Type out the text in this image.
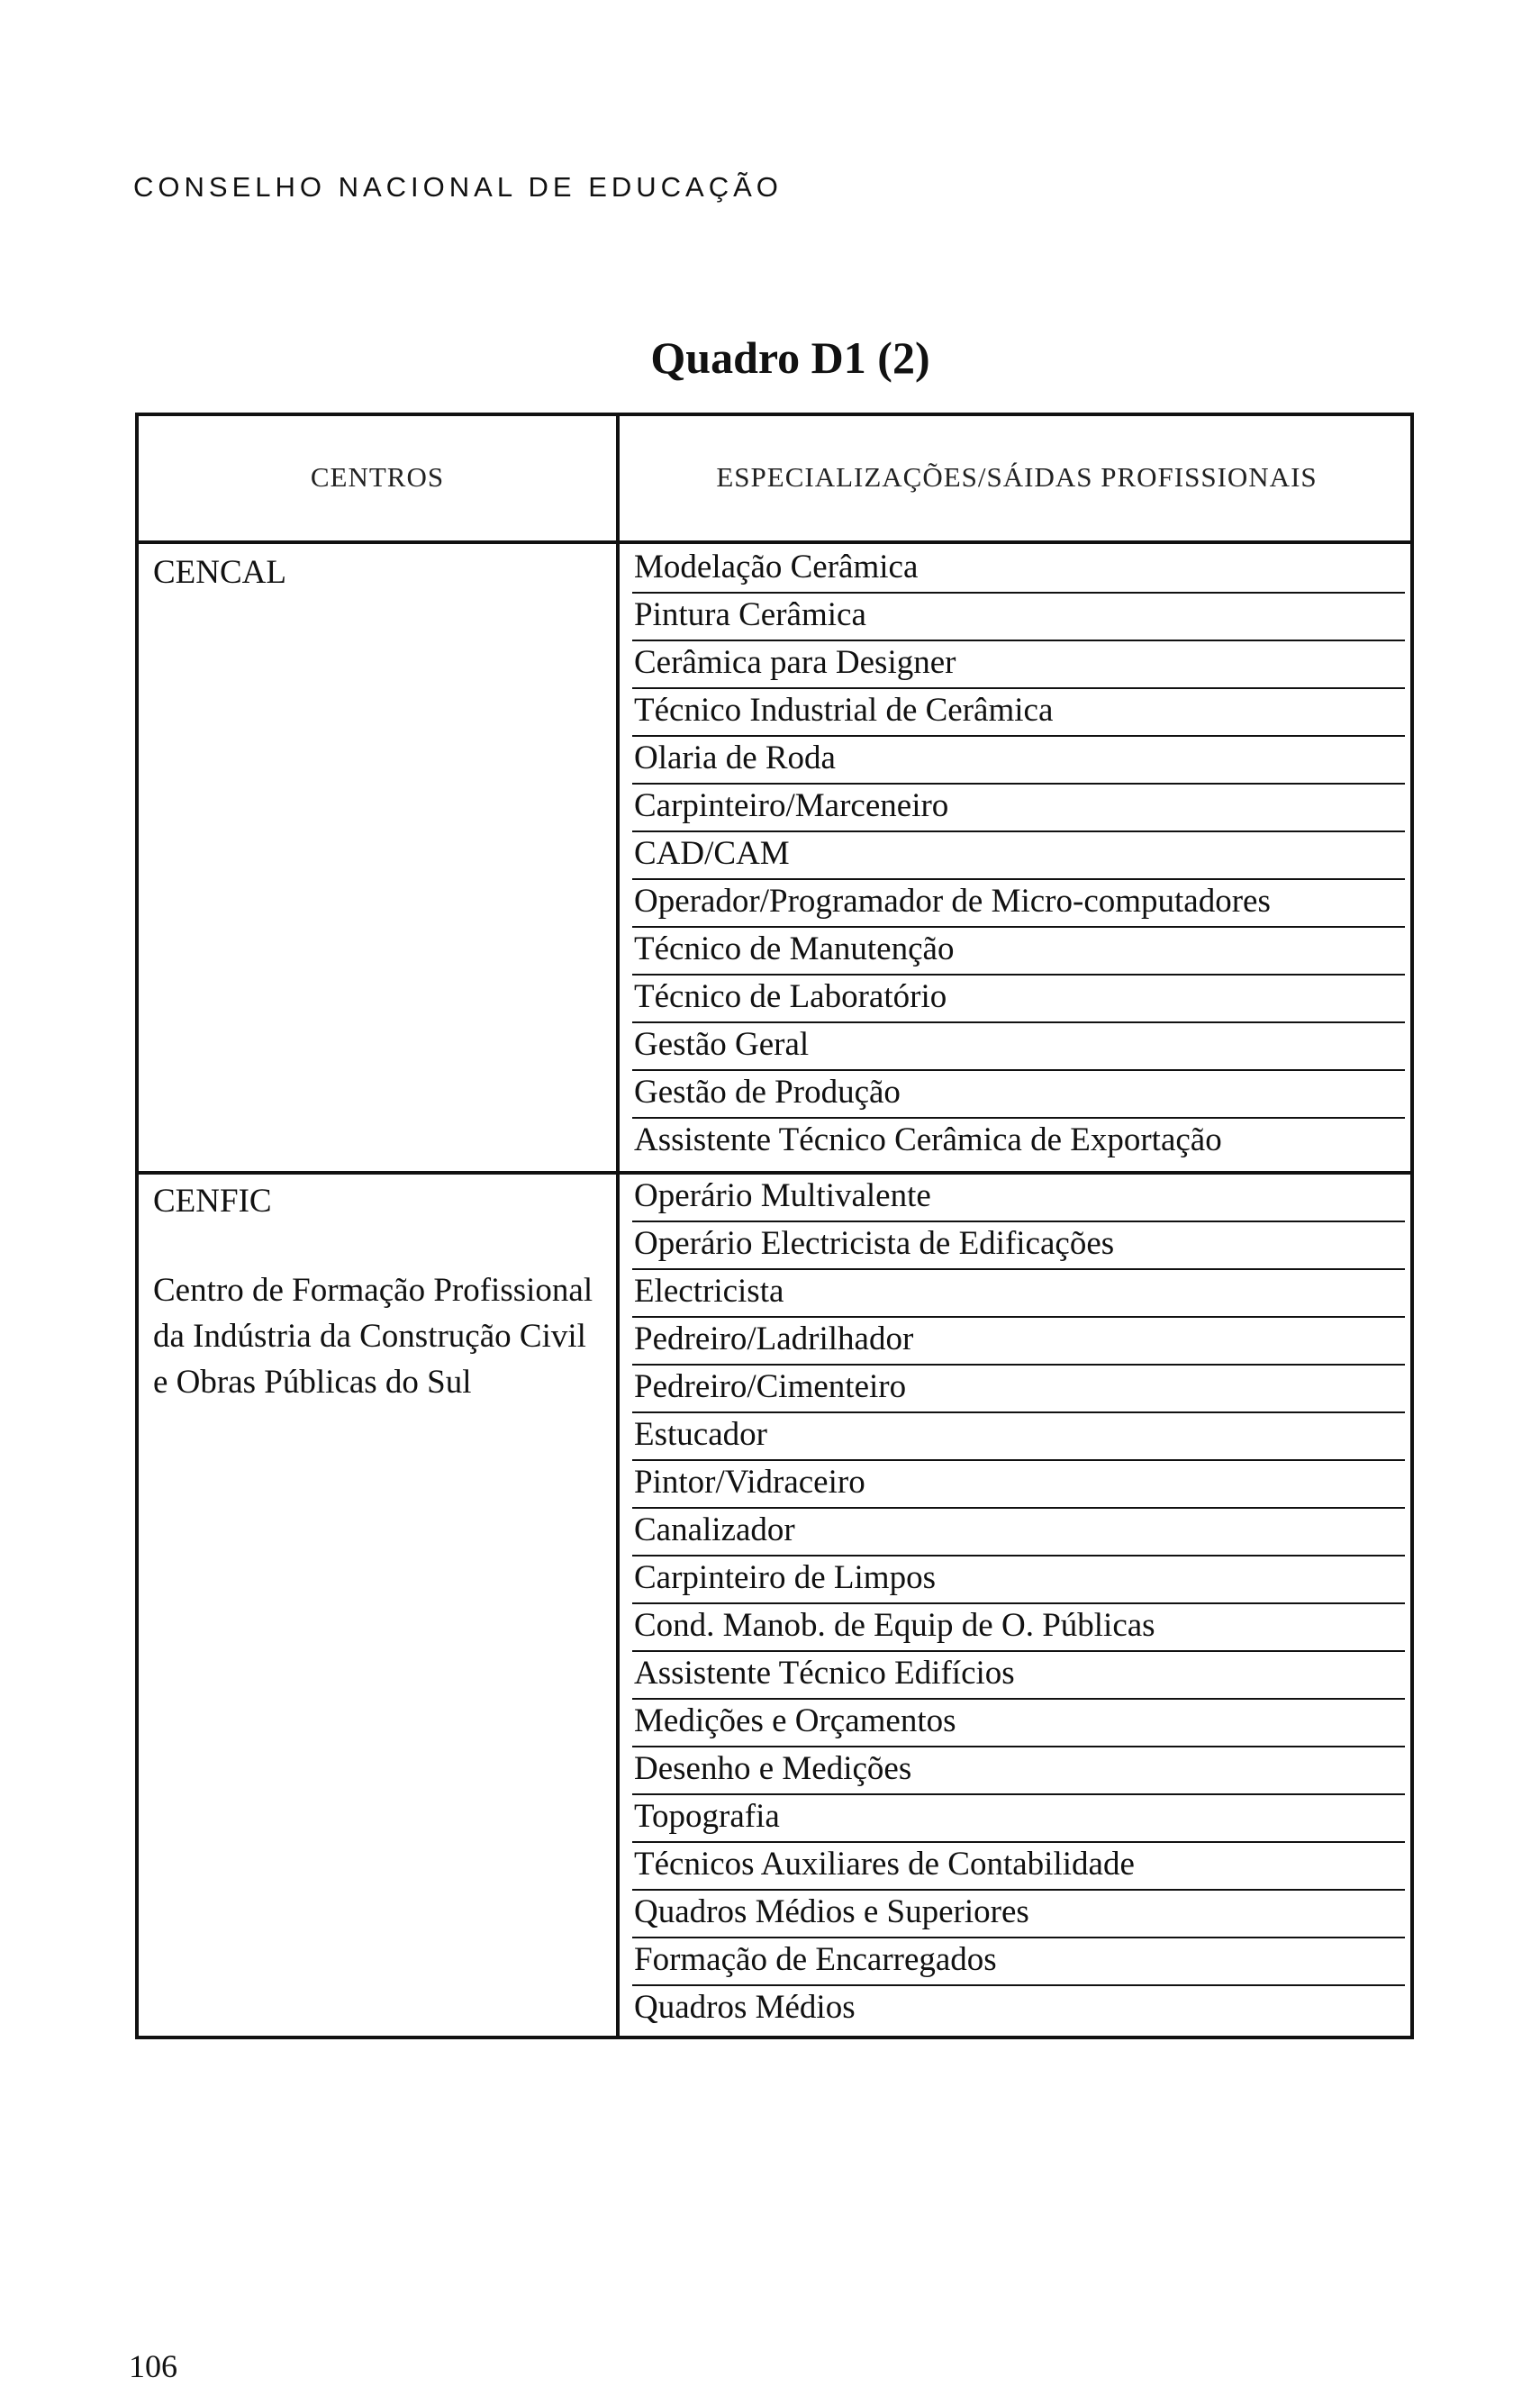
CONSELHO NACIONAL DE EDUCAÇÃO
Quadro D1 (2)
CENTROS	ESPECIALIZAÇÕES/SÁIDAS PROFISSIONAIS
CENCAL	Modelação Cerâmica
Pintura Cerâmica
Cerâmica para Designer
Técnico Industrial de Cerâmica
Olaria de Roda
Carpinteiro/Marceneiro
CAD/CAM
Operador/Programador de Micro-computadores
Técnico de Manutenção
Técnico de Laboratório
Gestão Geral
Gestão de Produção
Assistente Técnico Cerâmica de Exportação
CENFIC
Centro de Formação Profissional da Indústria da Construção Civil e Obras Públicas do Sul
Operário Multivalente
Operário Electricista de Edificações
Electricista
Pedreiro/Ladrilhador
Pedreiro/Cimenteiro
Estucador
Pintor/Vidraceiro
Canalizador
Carpinteiro de Limpos
Cond. Manob. de Equip de O. Públicas
Assistente Técnico Edifícios
Medições e Orçamentos
Desenho e Medições
Topografia
Técnicos Auxiliares de Contabilidade
Quadros Médios e Superiores
Formação de Encarregados
Quadros Médios
106
